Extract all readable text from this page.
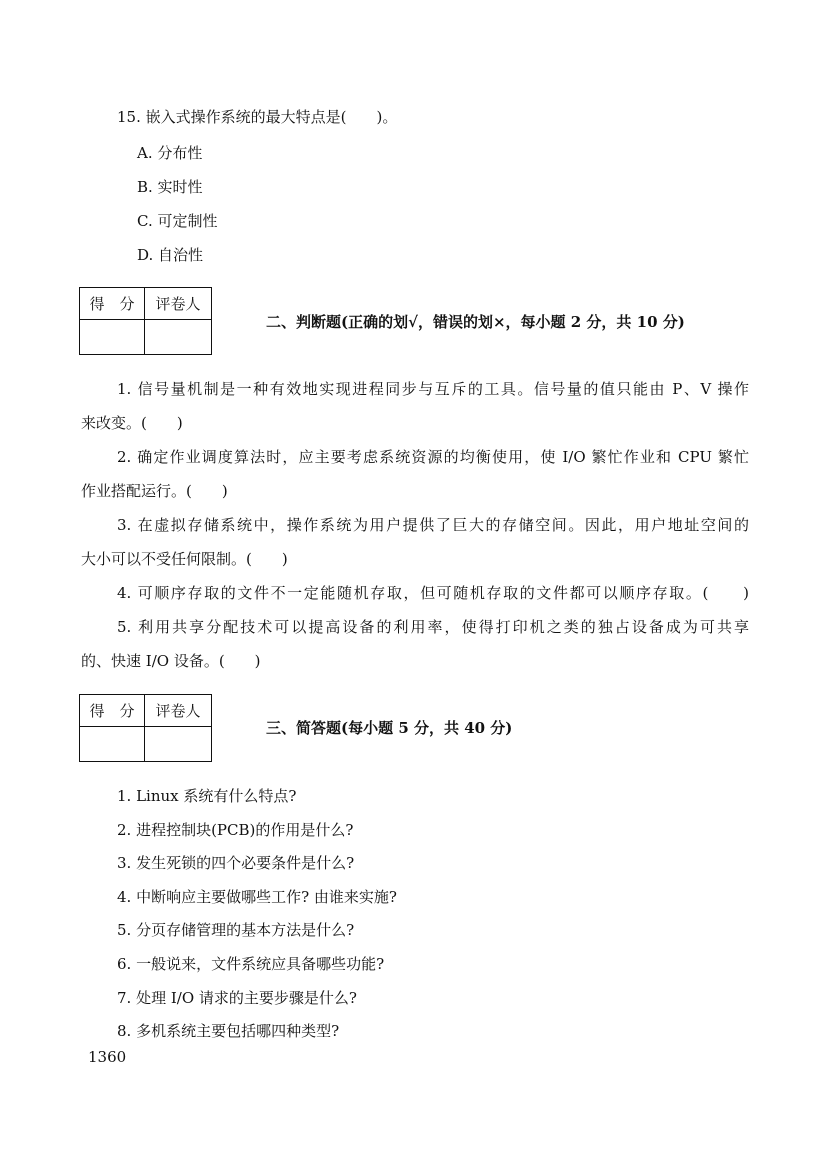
15. 嵌入式操作系统的最大特点是(　　)。
A. 分布性
B. 实时性
C. 可定制性
D. 自治性
得　分	评卷人

二、判断题(正确的划√，错误的划×，每小题 2 分，共 10 分)
1. 信号量机制是一种有效地实现进程同步与互斥的工具。信号量的值只能由 P、V 操作
来改变。(　　)
2. 确定作业调度算法时，应主要考虑系统资源的均衡使用，使 I/O 繁忙作业和 CPU 繁忙
作业搭配运行。(　　)
3. 在虚拟存储系统中，操作系统为用户提供了巨大的存储空间。因此，用户地址空间的
大小可以不受任何限制。(　　)
4. 可顺序存取的文件不一定能随机存取，但可随机存取的文件都可以顺序存取。(　　)
5. 利用共享分配技术可以提高设备的利用率，使得打印机之类的独占设备成为可共享
的、快速 I/O 设备。(　　)
得　分	评卷人

三、简答题(每小题 5 分，共 40 分)
1. Linux 系统有什么特点?
2. 进程控制块(PCB)的作用是什么?
3. 发生死锁的四个必要条件是什么?
4. 中断响应主要做哪些工作? 由谁来实施?
5. 分页存储管理的基本方法是什么?
6. 一般说来，文件系统应具备哪些功能?
7. 处理 I/O 请求的主要步骤是什么?
8. 多机系统主要包括哪四种类型?
1360
